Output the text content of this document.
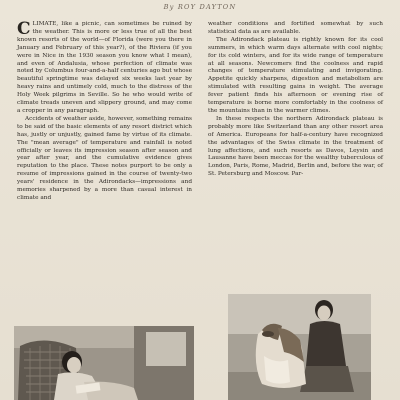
By ROY DAYTON

CLIMATE, like a picnic, can sometimes be ruined by the weather. This is more or less true of all the best known resorts of the world—of Florida (were you there in January and February of this year?), of the Riviera (if you were in Nice in the 1930 season you know what I mean), and even of Andalusia, whose perfection of climate was noted by Columbus four-and-a-half centuries ago but whose beautiful springtime was delayed six weeks last year by heavy rains and untimely cold, much to the distress of the Holy Week pilgrims in Seville. So he who would write of climate treads uneven and slippery ground, and may come a cropper in any paragraph.

Accidents of weather aside, however, something remains to be said of the basic elements of any resort district which has, justly or unjustly, gained fame by virtue of its climate. The "mean average" of temperature and rainfall is noted officially or leaves its impression season after season and year after year, and the cumulative evidence gives reputation to the place. These notes purport to be only a resume of impressions gained in the course of twenty-two years' residence in the Adirondacks—impressions and memories sharpened by a more than casual interest in climate and

weather conditions and fortified somewhat by such statistical data as are available.

The Adirondack plateau is rightly known for its cool summers, in which warm days alternate with cool nights; for its cold winters, and for its wide range of temperature at all seasons. Newcomers find the coolness and rapid changes of temperature stimulating and invigorating. Appetite quickly sharpens, digestion and metabolism are stimulated with resulting gains in weight. The average fever patient finds his afternoon or evening rise of temperature is borne more comfortably in the coolness of the mountains than in the warmer climes.

In these respects the northern Adirondack plateau is probably more like Switzerland than any other resort area of America. Europeans for half-a-century have recognized the advantages of the Swiss climate in the treatment of lung affections, and such resorts as Davos, Leysin and Lausanne have been meccas for the wealthy tuberculous of London, Paris, Rome, Madrid, Berlin and, before the war, of St. Petersburg and Moscow. Par-
